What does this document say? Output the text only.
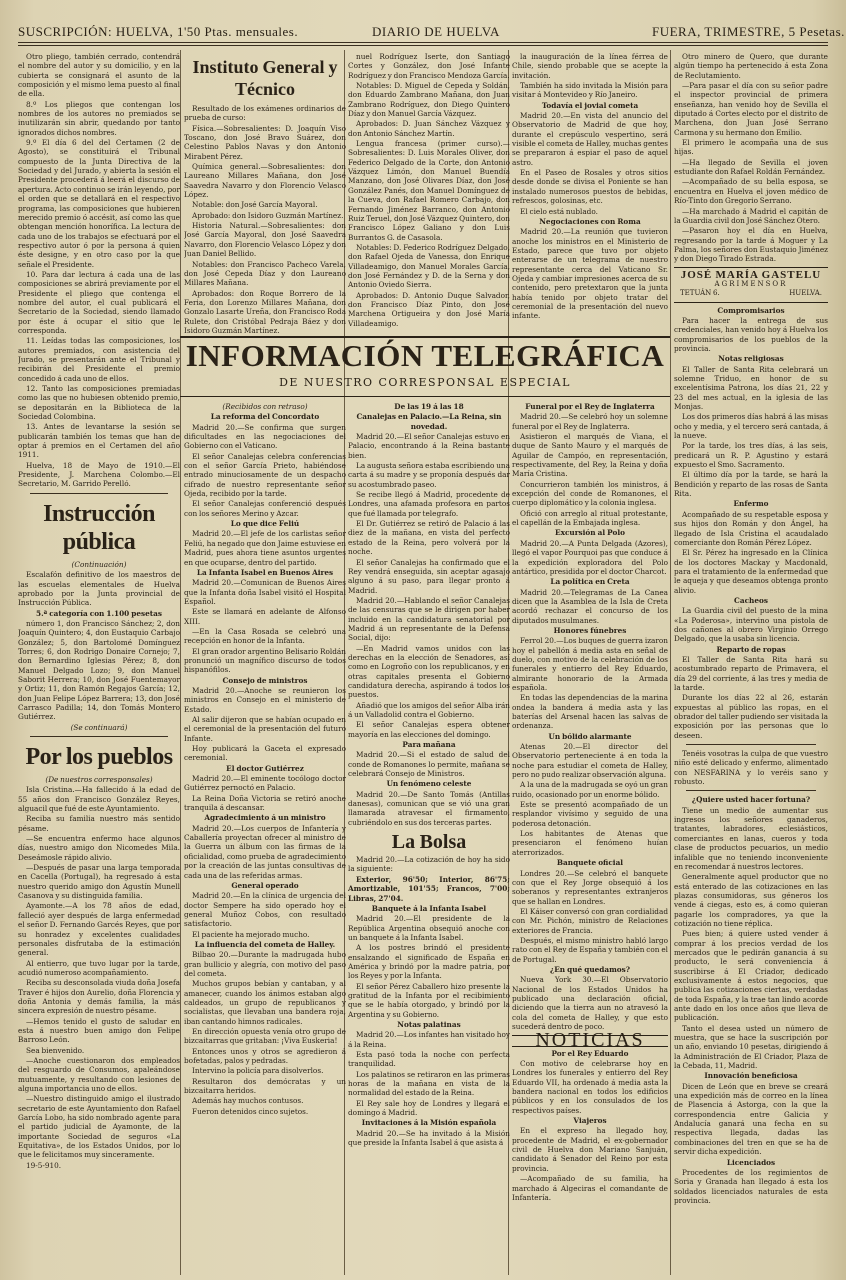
SUSCRIPCIÓN: HUELVA, 1'50 Ptas. mensuales.	DIARIO DE HUELVA	FUERA, TRIMESTRE, 5 Pesetas.

Otro pliego, también cerrado, contendrá el nombre del autor y su domicilio, y en la cubierta se consignará el asunto de la composición y el mismo lema puesto al final de ella.

8.º Los pliegos que contengan los nombres de los autores no premiados se inutilizarán sin abrir, quedando por tanto ignorados dichos nombres.

9.º El día 6 del del Certamen (2 de Agosto), se constituirá el Tribunal compuesto de la Junta Directiva de la Sociedad y del Jurado, y abierta la sesión el Presidente procederá á leerá el discurso de apertura. Acto continuo se irán leyendo, por el orden que se detallará en el respectivo programa, las composiciones que hubieren merecido premio ó accésit, así como las que obtengan mención honorífica. La lectura de cada uno de los trabajos se efectuará por el respectivo autor ó por la persona á quien éste designe, y en otro caso por la que señale el Presidente.

10. Para dar lectura á cada una de las composiciones se abrirá previamente por el Presidente el pliego que contenga el nombre del autor, el cual publicará el Secretario de la Sociedad, siendo llamado por éste á ocupar el sitio que le corresponda.

11. Leídas todas las composiciones, los autores premiados, con asistencia del Jurado, se presentarán ante el Tribunal y recibirán del Presidente el premio concedido á cada uno de ellos.

12. Tanto las composiciones premiadas como las que no hubiesen obtenido premio, se depositarán en la Biblioteca de la Sociedad Colombina.

13. Antes de levantarse la sesión se publicarán también los temas que han de optar á premios en el Certamen del año 1911.

Huelva, 18 de Mayo de 1910.—El Presidente, J. Marchena Colombo.—El Secretario, M. Garrido Perelló.

Instrucción pública

(Continuación)

Escalafón definitivo de los maestros de las escuelas elementales de Huelva aprobado por la Junta provincial de Instrucción Pública.

5.ª categoría con 1.100 pesetas

número 1, don Francisco Sánchez; 2, don Joaquín Quintero; 4, don Eustaquio Carbajo González; 5, don Bartolomé Domínguez Torres; 6, don Rodrigo Donaire Cornejo; 7, don Bernardino Iglesias Pérez; 8, don Manuel Delgado Lozo; 9, don Manuel Saborit Herrera; 10, don José Fuentemayor y Ortiz; 11, don Ramón Regajos García; 12, don Juan Felipe López Barrera; 13, don José Carrasco Padilla; 14, don Tomás Montero Gutiérrez.

(Se continuará)

Por los pueblos

(De nuestros corresponsales)

Isla Cristina.—Ha fallecido á la edad de 55 años don Francisco González Reyes, alguacil que fué de este Ayuntamiento.

Reciba su familia nuestro más sentido pésame.

—Se encuentra enfermo hace algunos días, nuestro amigo don Nicomedes Mila. Deseámosle rápido alivio.

—Después de pasar una larga temporada en Cacella (Portugal), ha regresado á esta nuestro querido amigo don Agustín Munell Casanova y su distinguida familia.

Ayamonte.—A los 78 años de edad, falleció ayer después de larga enfermedad el señor D. Fernando Garcés Reyes, que por su honradez y excelentes cualidades personales disfrutaba de la estimación general.

Al entierro, que tuvo lugar por la tarde, acudió numeroso acompañamiento.

Reciba su desconsolada viuda doña Josefa Traver é hijos don Aurelio, doña Florencia y doña Antonia y demás familia, la más sincera expresión de nuestro pésame.

—Hemos tenido el gusto de saludar en esta á nuestro buen amigo don Felipe Barroso León.

Sea bienvenido.

—Anoche cuestionaron dos empleados del resguardo de Consumos, apaleándose mutuamente, y resultando con lesiones de alguna importancia uno de ellos.

—Nuestro distinguido amigo el ilustrado secretario de este Ayuntamiento don Rafael García Lobo, ha sido nombrado agente para el partido judicial de Ayamonte, de la importante Sociedad de seguros «La Equitativa», de los Estados Unidos, por lo que le felicitamos muy sinceramente.

19-5-910.

Instituto General y Técnico

Resultado de los exámenes ordinarios de prueba de curso:

Física.—Sobresalientes: D. Joaquín Viso Toscano, don José Bravo Suárez, don Celestino Pablos Navas y don Antonio Mirabent Pérez.

Química general.—Sobresalientes: don Laureano Millares Mañana, don José Saavedra Navarro y don Florencio Velasco López.

Notable: don José García Mayoral.

Aprobado: don Isidoro Guzmán Martínez.

Historia Natural.—Sobresalientes: don José García Mayoral, don José Saavedra Navarro, don Florencio Velasco López y don Juan Daniel Bellido.

Notables: don Francisco Pacheco Varela, don José Cepeda Díaz y don Laureano Millares Mañana.

Aprobados: don Roque Borrero de la Feria, don Lorenzo Millares Mañana, don Gonzalo Lasarte Ureña, don Francisco Roda Rulete, don Cristóbal Pedraja Báez y don Isidoro Guzmán Martínez.

nuel Rodríguez Iserte, don Santiago Cortes y González, don José Infante Rodríguez y don Francisco Mendoza García.

Notables: D. Miguel de Cepeda y Soldán, don Eduardo Zambrano Mañana, don Juan Zambrano Rodríguez, don Diego Quintero Díaz y don Manuel García Vázquez.

Aprobados: D. Juan Sánchez Vázquez y don Antonio Sánchez Martín.

Lengua francesa (primer curso).—Sobresalientes: D. Luis Morales Oliver, don Federico Delgado de la Corte, don Antonio Vázquez Limón, don Manuel Buendía Manzano, don José Olivares Díaz, don José González Panés, don Manuel Domínguez de la Cueva, don Rafael Romero Carbajo, don Fernando Jiménez Barranco, don Antonio Ruiz Teruel, don José Vázquez Quintero, don Francisco López Galiano y don Luis Burrantos G. de Casasola.

Notables: D. Federico Rodríguez Delgado, don Rafael Ojeda de Vanessa, don Enrique Villadeamigo, don Manuel Morales García, don José Fernández y D. de la Serna y don Antonio Oviedo Sierra.

Aprobados: D. Antonio Duque Salvador, don Francisco Díaz Pinto, don José Marchena Ortigueira y don José María Villadeamigo.

la inauguración de la línea férrea de Chile, siendo probable que se acepte la invitación.

También ha sido invitada la Misión para visitar á Montevideo y Río Janeiro.

Todavía el jovial cometa

Madrid 20.—En vista del anuncio del Observatorio de Madrid de que hoy, durante el crepúsculo vespertino, será visible el cometa de Halley, muchas gentes se prepararon á espiar el paso de aquel astro.

En el Paseo de Rosales y otros sitios desde donde se divisa el Poniente se han instalado numerosos puestos de bebidas, refrescos, golosinas, etc.

El cielo está nublado.

Negociaciones con Roma

Madrid 20.—La reunión que tuvieron anoche los ministros en el Ministerio de Estado, parece que tuvo por objeto enterarse de un telegrama de nuestro representante cerca del Vaticano Sr. Ojeda y cambiar impresiones acerca de su contenido, pero pretextaron que la junta había tenido por objeto tratar del ceremonial de la presentación del nuevo infante.

INFORMACIÓN TELEGRÁFICA
DE NUESTRO CORRESPONSAL ESPECIAL

(Recibidos con retraso)

La reforma del Concordato

Madrid 20.—Se confirma que surgen dificultades en las negociaciones del Gobierno con el Vaticano.

El señor Canalejas celebra conferencias con el señor García Prieto, habiéndose entrado minuciosamente de un despacho cifrado de nuestro representante señor Ojeda, recibido por la tarde.

El señor Canalejas conferenció después con los señores Merino y Azcar.

Lo que dice Feliú

Madrid 20.—El jefe de los carlistas señor Feliú, ha negado que don Jaime estuviese en Madrid, pues ahora tiene asuntos urgentes en que ocuparse, dentro del partido.

La Infanta Isabel en Buenos Aires

Madrid 20.—Comunican de Buenos Aires que la Infanta doña Isabel visitó el Hospital Español.

Este se llamará en adelante de Alfonso XIII.

—En la Casa Rosada se celebró una recepción en honor de la Infanta.

El gran orador argentino Belisario Roldán pronunció un magnífico discurso de todos hispanófilos.

Consejo de ministros

Madrid 20.—Anoche se reunieron los ministros en Consejo en el ministerio de Estado.

Al salir dijeron que se habían ocupado en el ceremonial de la presentación del futuro Infante.

Hoy publicará la Gaceta el expresado ceremonial.

El doctor Gutiérrez

Madrid 20.—El eminente tocólogo doctor Gutiérrez pernoctó en Palacio.

La Reina Doña Victoria se retiró anoche tranquila á descansar.

Agradecimiento á un ministro

Madrid 20.—Los cuerpos de Infantería y Caballería proyectan ofrecer al ministro de la Guerra un álbum con las firmas de la oficialidad, como prueba de agradecimiento por la creación de las juntas consultivas de cada una de las referidas armas.

General operado

Madrid 20.—En la clínica de urgencia del doctor Sempere ha sido operado hoy el general Muñoz Cobos, con resultado satisfactorio.

El paciente ha mejorado mucho.

La influencia del cometa de Halley.

Bilbao 20.—Durante la madrugada hubo gran bullicio y alegría, con motivo del paso del cometa.

Muchos grupos bebían y cantaban, y al amanecer, cuando los ánimos estaban algo caldeados, un grupo de republicanos y socialistas, que llevaban una bandera roja, iban cantando himnos radicales.

En dirección opuesta venía otro grupo de bizcaitarras que gritaban: ¡Viva Euskeria!

Entonces unos y otros se agredieron á bofetadas, palos y pedradas.

Intervino la policía para disolverlos.

Resultaron dos demócratas y un bizcaitarra heridos.

Además hay muchos contusos.

Fueron detenidos cinco sujetos.

De las 19 á las 18

Canalejas en Palacio.—La Reina, sin novedad.

Madrid 20.—El señor Canalejas estuvo en Palacio, encontrando á la Reina bastante bien.

La augusta señora estaba escribiendo una carta á su madre y se proponía después dar su acostumbrado paseo.

Se recibe llegó á Madrid, procedente de Londres, una afamada profesora en partos que fué llamada por telegrafo.

El Dr. Gutiérrez se retiró de Palacio á las diez de la mañana, en vista del perfecto estado de la Reina, pero volverá por la noche.

El señor Canalejas ha confirmado que el Rey vendrá enseguida, sin aceptar agasajo alguno á su paso, para llegar pronto á Madrid.

Madrid 20.—Hablando el señor Canalejas de las censuras que se le dirigen por haber incluido en la candidatura senatorial por Madrid á un representante de la Defensa Social, dijo:

—En Madrid vamos unidos con las derechas en la elección de Senadores, así como en Logroño con los republicanos, y en otras capitales presenta el Gobierno candidatura derecha, aspirando á todos los puestos.

Añadió que los amigos del señor Alba irán á un Valladolid contra el Gobierno.

El señor Canalejas espera obtener mayoría en las elecciones del domingo.

Para mañana

Madrid 20.—Si el estado de salud del conde de Romanones lo permite, mañana se celebrará Consejo de Ministros.

Un fenómeno celeste

Madrid 20.—De Santo Tomás (Antillas danesas), comunican que se vió una gran llamarada atravesar el firmamento, cubriéndolo en sus dos terceras partes.

La Bolsa

Madrid 20.—La cotización de hoy ha sido la siguiente:

Exterior, 96'50; Interior, 86'75; Amortizable, 101'55; Francos, 7'00; Libras, 27'04.

Banquete á la Infanta Isabel

Madrid 20.—El presidente de la República Argentina obsequió anoche con un banquete á la Infanta Isabel.

A los postres brindó el presidente ensalzando el significado de España en América y brindó por la madre patria, por los Reyes y por la Infanta.

El señor Pérez Caballero hizo presente la gratitud de la Infanta por el recibimiento que se le había otorgado, y brindó por la Argentina y su Gobierno.

Notas palatinas

Madrid 20.—Los infantes han visitado hoy á la Reina.

Esta pasó toda la noche con perfecta tranquilidad.

Los palatinos se retiraron en las primeras horas de la mañana en vista de la normalidad del estado de la Reina.

El Rey sale hoy de Londres y llegará el domingo á Madrid.

Invitaciones á la Misión española

Madrid 20.—Se ha invitado á la Misión que preside la Infanta Isabel á que asista á

Funeral por el Rey de Inglaterra

Madrid 20.—Se celebró hoy un solemne funeral por el Rey de Inglaterra.

Asistieron el marqués de Viana, el duque de Santo Mauro y el marqués de Aguilar de Campóo, en representación, respectivamente, del Rey, la Reina y doña María Cristina.

Concurrieron también los ministros, á excepción del conde de Romanones, el cuerpo diplomático y la colonia inglesa.

Ofició con arreglo al ritual protestante, el capellán de la Embajada inglesa.

Excursión al Polo

Madrid 20.—A Punta Delgada (Azores), llegó el vapor Pourquoi pas que conduce á la expedición exploradora del Polo antártico, presidida por el doctor Charcot.

La política en Creta

Madrid 20.—Telegramas de La Canea dicen que la Asamblea de la Isla de Creta acordó rechazar el concurso de los diputados musulmanes.

Honores fúnebres

Ferrol 20.—Los buques de guerra izaron hoy el pabellón á media asta en señal de duelo, con motivo de la celebración de los funerales y entierro del Rey Eduardo, almirante honorario de la Armada española.

En todas las dependencias de la marina ondea la bandera á media asta y las baterías del Arsenal hacen las salvas de ordenanza.

Un bólido alarmante

Atenas 20.—El director del Observatorio perteneciente á en toda la noche para estudiar el cometa de Halley, pero no pudo realizar observación alguna.

A la una de la madrugada se oyó un gran ruido, ocasionado por un enorme bólido.

Este se presentó acompañado de un resplandor vivísimo y seguido de una poderosa detonación.

Los habitantes de Atenas que presenciaron el fenómeno huían aterrorizados.

Banquete oficial

Londres 20.—Se celebró el banquete con que el Rey Jorge obsequió á los soberanos y representantes extranjeros que se hallan en Londres.

El Káiser conversó con gran cordialidad con Mr. Pichón, ministro de Relaciones exteriores de Francia.

Después, el mismo ministro habló largo rato con el Rey de España y también con el de Portugal.

¿En qué quedamos?

Nueva York 30.—El Observatorio Nacional de los Estados Unidos ha publicado una declaración oficial, diciendo que la tierra aun no atravesó la cola del cometa de Halley, y que esto sucederá dentro de poco.

NOTICIAS

Por el Rey Eduardo

Con motivo de celebrarse hoy en Londres los funerales y entierro del Rey Eduardo VII, ha ordenado á media asta la bandera nacional en todos los edificios públicos y en los consulados de los respectivos países.

Viajeros

En el expreso ha llegado hoy, procedente de Madrid, el ex-gobernador civil de Huelva don Mariano Sanjuán, candidato á Senador del Reino por esta provincia.

—Acompañado de su familia, ha marchado á Algeciras el comandante de Infantería.

Otro minero de Quero, que durante algún tiempo ha pertenecido á esta Zona de Reclutamiento.

—Para pasar el día con su señor padre el inspector provincial de primera enseñanza, han venido hoy de Sevilla el diputado á Cortes electo por el distrito de Marchena, don Juan José Serrano Carmona y su hermano don Emilio.

El primero le acompaña una de sus hijas.

—Ha llegado de Sevilla el joven estudiante don Rafael Roldán Fernández.

—Acompañado de su bella esposa, se encuentra en Huelva el joven médico de Río-Tinto don Gregorio Serrano.

—Ha marchado á Madrid el capitán de la Guardia civil don José Sánchez Otero.

—Pasaron hoy el día en Huelva, regresando por la tarde á Moguer y La Palma, los señores don Eustaquio Jiménez y don Diego Tirado Estrada.

JOSÉ MARÍA GASTELU
AGRIMENSOR
TETUÁN 6.	HUELVA.

Compromisarios

Para hacer la entrega de sus credenciales, han venido hoy á Huelva los compromisarios de los pueblos de la provincia.

Notas religiosas

El Taller de Santa Rita celebrará un solemne Triduo, en honor de su excelentísima Patrona, los días 21, 22 y 23 del mes actual, en la iglesia de las Monjas.

Los dos primeros días habrá á las misas ocho y media, y el tercero será cantada, á la nueve.

Por la tarde, los tres días, á las seis, predicará un R. P. Agustino y estará expuesto el Smo. Sacramento.

El último día por la tarde, se hará la Bendición y reparto de las rosas de Santa Rita.

Enfermo

Acompañado de su respetable esposa y sus hijos don Román y don Ángel, ha llegado de Isla Cristina el acaudalado comerciante don Román Pérez López.

El Sr. Pérez ha ingresado en la Clínica de los doctores Mackay y Macdonald, para el tratamiento de la enfermedad que le aqueja y que deseamos obtenga pronto alivio.

Cacheos

La Guardia civil del puesto de la mina «La Poderosa», intervino una pistola de dos cañones al obrero Virginio Orrego Delgado, que la usaba sin licencia.

Reparto de ropas

El Taller de Santa Rita hará su acostumbrado reparto de Primavera, el día 29 del corriente, á las tres y media de la tarde.

Durante los días 22 al 26, estarán expuestas al público las ropas, en el obrador del taller pudiendo ser visitada la exposición por las personas que lo deseen.

Tenéis vosotras la culpa de que vuestro niño esté delicado y enfermo, alimentado con NESFARINA y lo veréis sano y robusto.

¿Quiere usted hacer fortuna?

Tiene un medio de aumentar sus ingresos los señores ganaderos, tratantes, labradores, eclesiásticos, comerciantes en lanas, cueros y toda clase de productos pecuarios, un medio infalible que no teniendo inconveniente en recomendar á nuestros lectores.

Generalmente aquel productor que no está enterado de las cotizaciones en las plazas consumidoras, sus géneros los vende á ciegas, esto es, á como quieran pagarle los compradores, ya que la cotización no tiene réplica.

Pues bien; á quiere usted vender á comprar á los precios verdad de los mercados que le pedirán ganancia á su producto, le será conveniencia á suscribirse á El Criador, dedicado exclusivamente á estos negocios, que publica las cotizaciones ciertas, verdadas de toda España, y la trae tan lindo acorde ante dado en los once años que lleva de publicación.

Tanto el desea usted un número de muestra, que se hace la suscripción por un año, enviando 10 pesetas, dirigiendo á la Administración de El Criador, Plaza de la Cebada, 11, Madrid.

Innovación beneficiosa

Dicen de León que en breve se creará una expedición más de correo en la línea de Plasencia á Astorga, con la que la correspondencia entre Galicia y Andalucía ganará una fecha en su respectiva llegada, dadas las combinaciones del tren en que se ha de servir dicha expedición.

Licenciados

Procedentes de los regimientos de Soria y Granada han llegado á esta los soldados licenciados naturales de esta provincia.
